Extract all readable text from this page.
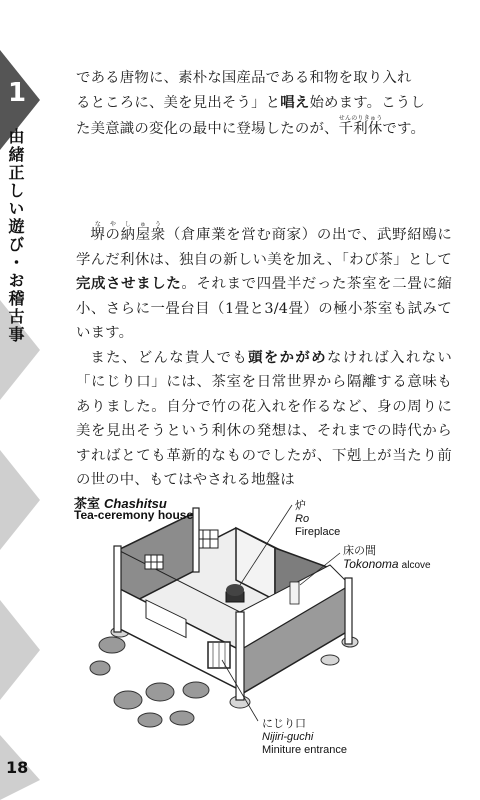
1
由緒正しい遊び・お稽古事
18

である唐物に、素朴な国産品である和物を取り入れ

るところに、美を見出そう」と唱え始めます。こうし

た美意識の変化の最中に登場したのが、千利休せんのりきゅうです。

堺の納屋衆なやしゅう（倉庫業を営む商家）の出で、武野紹鴎に学んだ利休は、独自の新しい美を加え、「わび茶」として完成させました。それまで四畳半だった茶室を二畳に縮小、さらに一畳台目（1畳と3/4畳）の極小茶室も試みています。

また、どんな貴人でも頭をかがめなければ入れない「にじり口」には、茶室を日常世界から隔離する意味もありました。自分で竹の花入れを作るなど、身の周りに美を見出そうという利休の発想は、それまでの時代からすればとても革新的なものでしたが、下剋上が当たり前の世の中、もてはやされる地盤は

茶室 Chashitsu
Tea-ceremony house
炉
Ro
Fireplace
床の間
Tokonoma alcove
にじり口
Nijiri-guchi
Miniture entrance
